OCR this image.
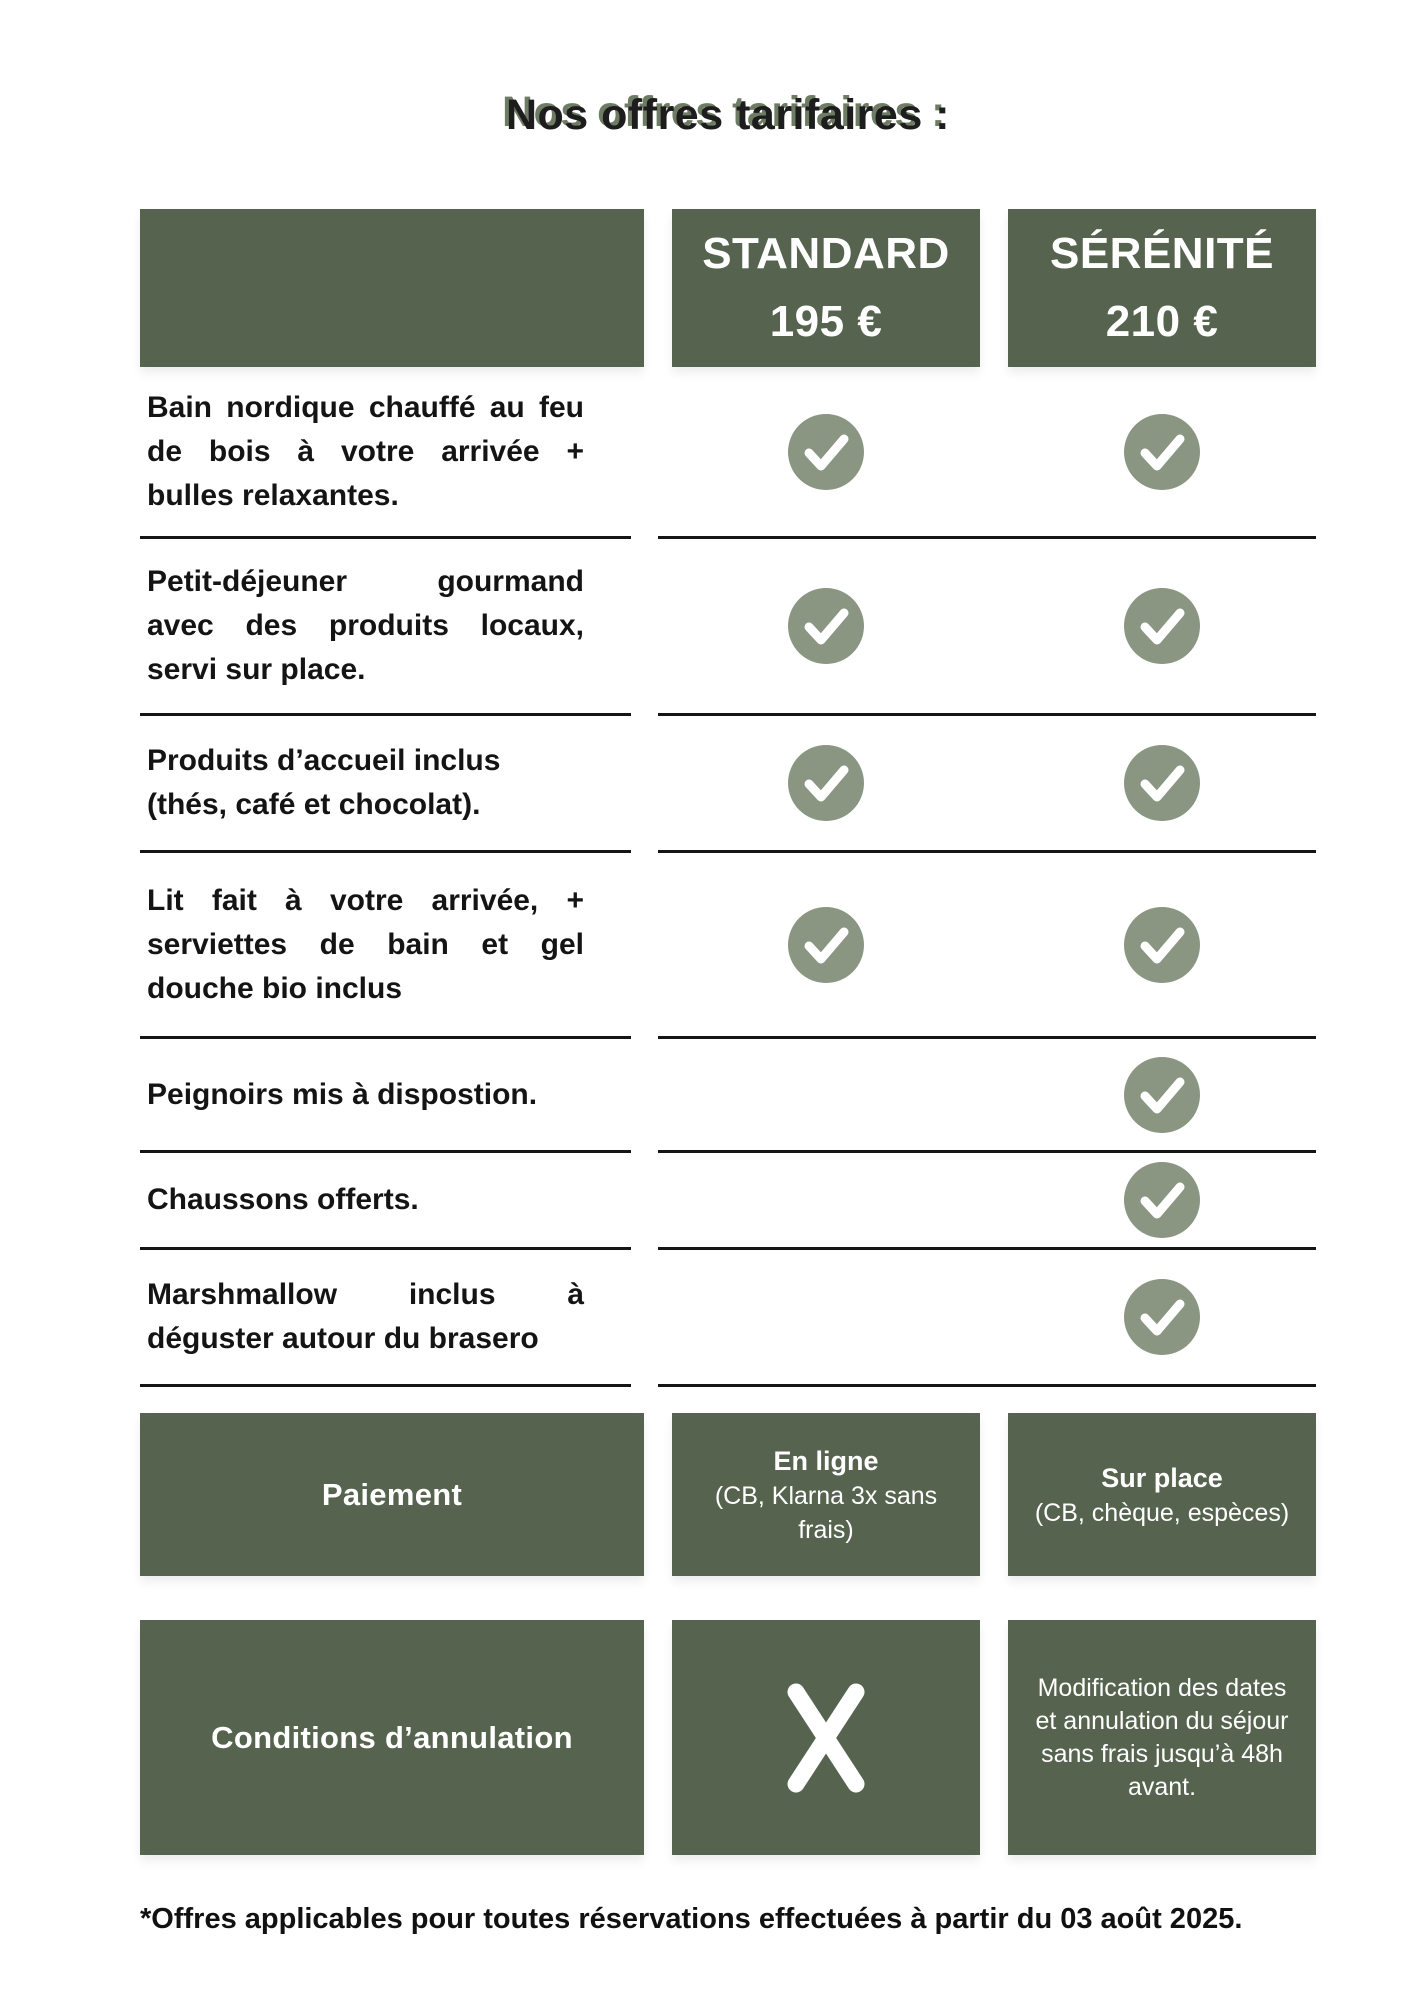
Nos offres tarifaires :
STANDARD
195 €
SÉRÉNITÉ
210 €
Bain nordique chauffé au feu
de bois à votre arrivée +
bulles relaxantes.
Petit-déjeuner gourmand
avec des produits locaux,
servi sur place.
Produits d’accueil inclus
(thés, café et chocolat).
Lit fait à votre arrivée, +
serviettes de bain et gel
douche bio inclus
Peignoirs mis à dispostion.
Chaussons offerts.
Marshmallow inclus à
déguster autour du brasero
Paiement
En ligne
(CB, Klarna 3x sans
frais)
Sur place
(CB, chèque, espèces)
Conditions d’annulation
Modification des dates
et annulation du séjour
sans frais jusqu’à 48h
avant.

*Offres applicables pour toutes réservations effectuées à partir du 03 août 2025.
